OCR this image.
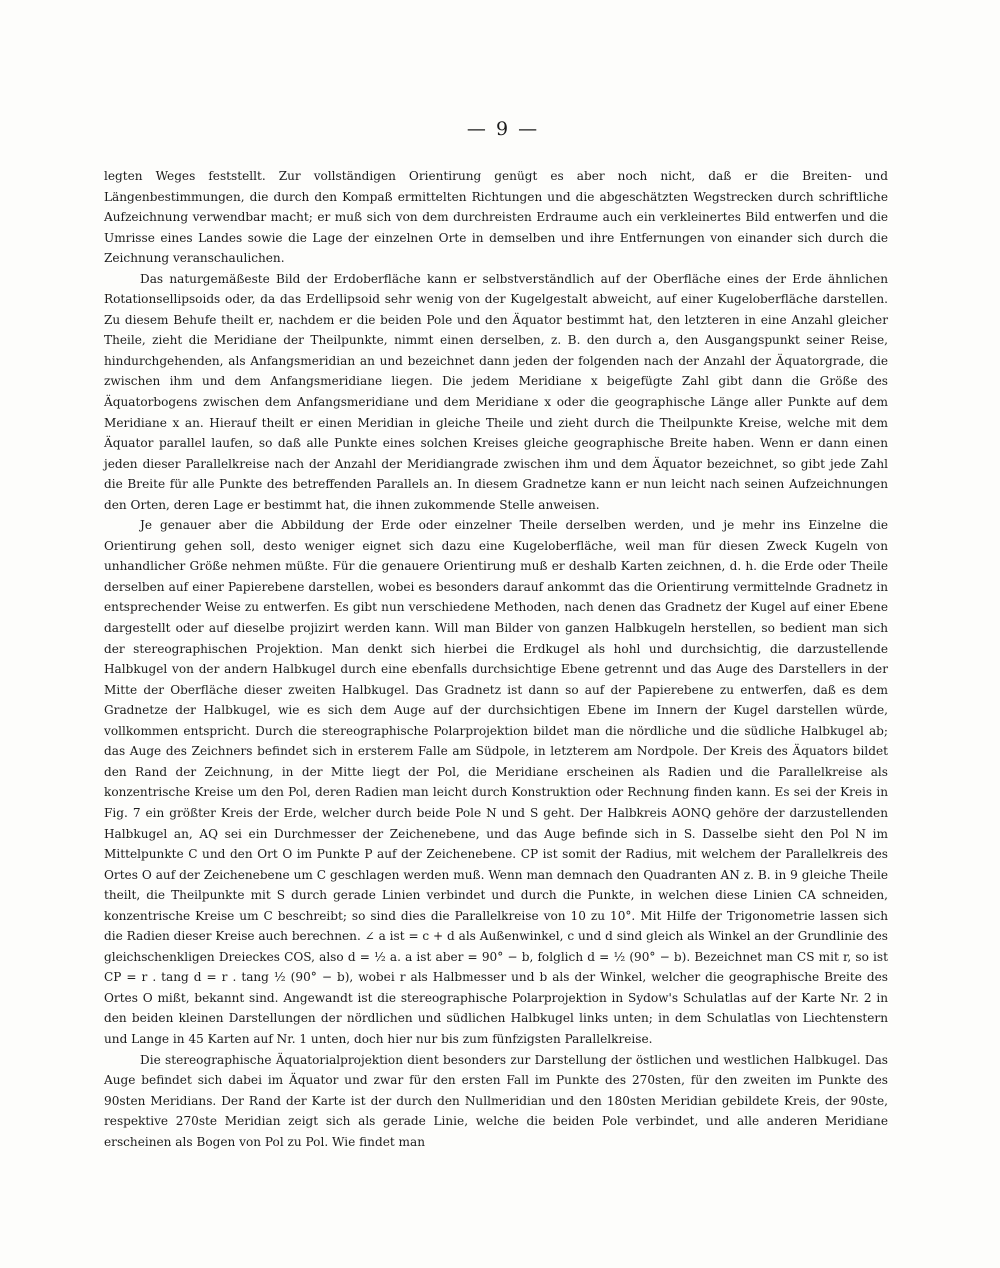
— 9 —

legten Weges feststellt. Zur vollständigen Orientirung genügt es aber noch nicht, daß er die Breiten- und Längenbestimmungen, die durch den Kompaß ermittelten Richtungen und die abgeschätzten Wegstrecken durch schriftliche Aufzeichnung verwendbar macht; er muß sich von dem durchreisten Erdraume auch ein verkleinertes Bild entwerfen und die Umrisse eines Landes sowie die Lage der einzelnen Orte in demselben und ihre Entfernungen von einander sich durch die Zeichnung veranschaulichen.

Das naturgemäßeste Bild der Erdoberfläche kann er selbstverständlich auf der Oberfläche eines der Erde ähnlichen Rotationsellipsoids oder, da das Erdellipsoid sehr wenig von der Kugelgestalt abweicht, auf einer Kugeloberfläche darstellen. Zu diesem Behufe theilt er, nachdem er die beiden Pole und den Äquator bestimmt hat, den letzteren in eine Anzahl gleicher Theile, zieht die Meridiane der Theilpunkte, nimmt einen derselben, z. B. den durch a, den Ausgangspunkt seiner Reise, hindurchgehenden, als Anfangsmeridian an und bezeichnet dann jeden der folgenden nach der Anzahl der Äquatorgrade, die zwischen ihm und dem Anfangsmeridiane liegen. Die jedem Meridiane x beigefügte Zahl gibt dann die Größe des Äquatorbogens zwischen dem Anfangsmeridiane und dem Meridiane x oder die geographische Länge aller Punkte auf dem Meridiane x an. Hierauf theilt er einen Meridian in gleiche Theile und zieht durch die Theilpunkte Kreise, welche mit dem Äquator parallel laufen, so daß alle Punkte eines solchen Kreises gleiche geographische Breite haben. Wenn er dann einen jeden dieser Parallelkreise nach der Anzahl der Meridiangrade zwischen ihm und dem Äquator bezeichnet, so gibt jede Zahl die Breite für alle Punkte des betreffenden Parallels an. In diesem Gradnetze kann er nun leicht nach seinen Aufzeichnungen den Orten, deren Lage er bestimmt hat, die ihnen zukommende Stelle anweisen.

Je genauer aber die Abbildung der Erde oder einzelner Theile derselben werden, und je mehr ins Einzelne die Orientirung gehen soll, desto weniger eignet sich dazu eine Kugeloberfläche, weil man für diesen Zweck Kugeln von unhandlicher Größe nehmen müßte. Für die genauere Orientirung muß er deshalb Karten zeichnen, d. h. die Erde oder Theile derselben auf einer Papierebene darstellen, wobei es besonders darauf ankommt das die Orientirung vermittelnde Gradnetz in entsprechender Weise zu entwerfen. Es gibt nun verschiedene Methoden, nach denen das Gradnetz der Kugel auf einer Ebene dargestellt oder auf dieselbe projizirt werden kann. Will man Bilder von ganzen Halbkugeln herstellen, so bedient man sich der stereographischen Projektion. Man denkt sich hierbei die Erdkugel als hohl und durchsichtig, die darzustellende Halbkugel von der andern Halbkugel durch eine ebenfalls durchsichtige Ebene getrennt und das Auge des Darstellers in der Mitte der Oberfläche dieser zweiten Halbkugel. Das Gradnetz ist dann so auf der Papierebene zu entwerfen, daß es dem Gradnetze der Halbkugel, wie es sich dem Auge auf der durchsichtigen Ebene im Innern der Kugel darstellen würde, vollkommen entspricht. Durch die stereographische Polarprojektion bildet man die nördliche und die südliche Halbkugel ab; das Auge des Zeichners befindet sich in ersterem Falle am Südpole, in letzterem am Nordpole. Der Kreis des Äquators bildet den Rand der Zeichnung, in der Mitte liegt der Pol, die Meridiane erscheinen als Radien und die Parallelkreise als konzentrische Kreise um den Pol, deren Radien man leicht durch Konstruktion oder Rechnung finden kann. Es sei der Kreis in Fig. 7 ein größter Kreis der Erde, welcher durch beide Pole N und S geht. Der Halbkreis AONQ gehöre der darzustellenden Halbkugel an, AQ sei ein Durchmesser der Zeichenebene, und das Auge befinde sich in S. Dasselbe sieht den Pol N im Mittelpunkte C und den Ort O im Punkte P auf der Zeichenebene. CP ist somit der Radius, mit welchem der Parallelkreis des Ortes O auf der Zeichenebene um C geschlagen werden muß. Wenn man demnach den Quadranten AN z. B. in 9 gleiche Theile theilt, die Theilpunkte mit S durch gerade Linien verbindet und durch die Punkte, in welchen diese Linien CA schneiden, konzentrische Kreise um C beschreibt; so sind dies die Parallelkreise von 10 zu 10°. Mit Hilfe der Trigonometrie lassen sich die Radien dieser Kreise auch berechnen. ∠ a ist = c + d als Außenwinkel, c und d sind gleich als Winkel an der Grundlinie des gleichschenkligen Dreieckes COS, also d = ½ a. a ist aber = 90° − b, folglich d = ½ (90° − b). Bezeichnet man CS mit r, so ist CP = r . tang d = r . tang ½ (90° − b), wobei r als Halbmesser und b als der Winkel, welcher die geographische Breite des Ortes O mißt, bekannt sind. Angewandt ist die stereographische Polarprojektion in Sydow's Schulatlas auf der Karte Nr. 2 in den beiden kleinen Darstellungen der nördlichen und südlichen Halbkugel links unten; in dem Schulatlas von Liechtenstern und Lange in 45 Karten auf Nr. 1 unten, doch hier nur bis zum fünfzigsten Parallelkreise.

Die stereographische Äquatorialprojektion dient besonders zur Darstellung der östlichen und westlichen Halbkugel. Das Auge befindet sich dabei im Äquator und zwar für den ersten Fall im Punkte des 270sten, für den zweiten im Punkte des 90sten Meridians. Der Rand der Karte ist der durch den Nullmeridian und den 180sten Meridian gebildete Kreis, der 90ste, respektive 270ste Meridian zeigt sich als gerade Linie, welche die beiden Pole verbindet, und alle anderen Meridiane erscheinen als Bogen von Pol zu Pol. Wie findet man
